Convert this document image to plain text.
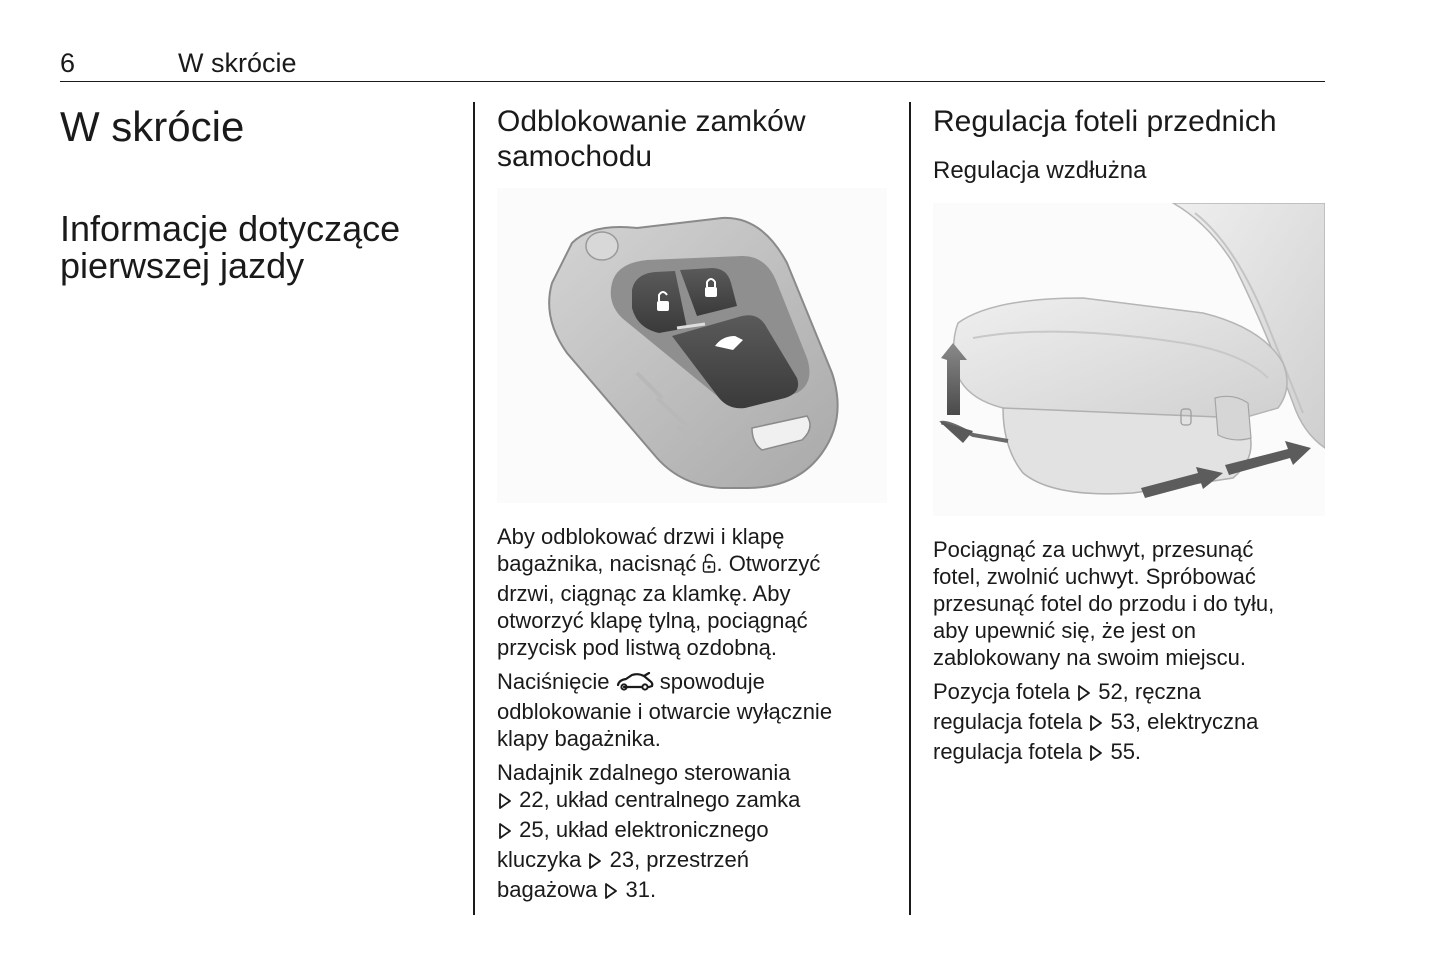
6	W skrócie
W skrócie
Informacje dotyczące
pierwszej jazdy
Odblokowanie zamków
samochodu
Aby odblokować drzwi i klapę
bagażnika, nacisnąć . Otworzyć
drzwi, ciągnąc za klamkę. Aby
otworzyć klapę tylną, pociągnąć
przycisk pod listwą ozdobną.
Naciśnięcie  spowoduje
odblokowanie i otwarcie wyłącznie
klapy bagażnika.
Nadajnik zdalnego sterowania
22, układ centralnego zamka
25, układ elektronicznego
kluczyka  23, przestrzeń
bagażowa  31.
Regulacja foteli przednich
Regulacja wzdłużna
Pociągnąć za uchwyt, przesunąć
fotel, zwolnić uchwyt. Spróbować
przesunąć fotel do przodu i do tyłu,
aby upewnić się, że jest on
zablokowany na swoim miejscu.
Pozycja fotela  52, ręczna
regulacja fotela  53, elektryczna
regulacja fotela  55.
